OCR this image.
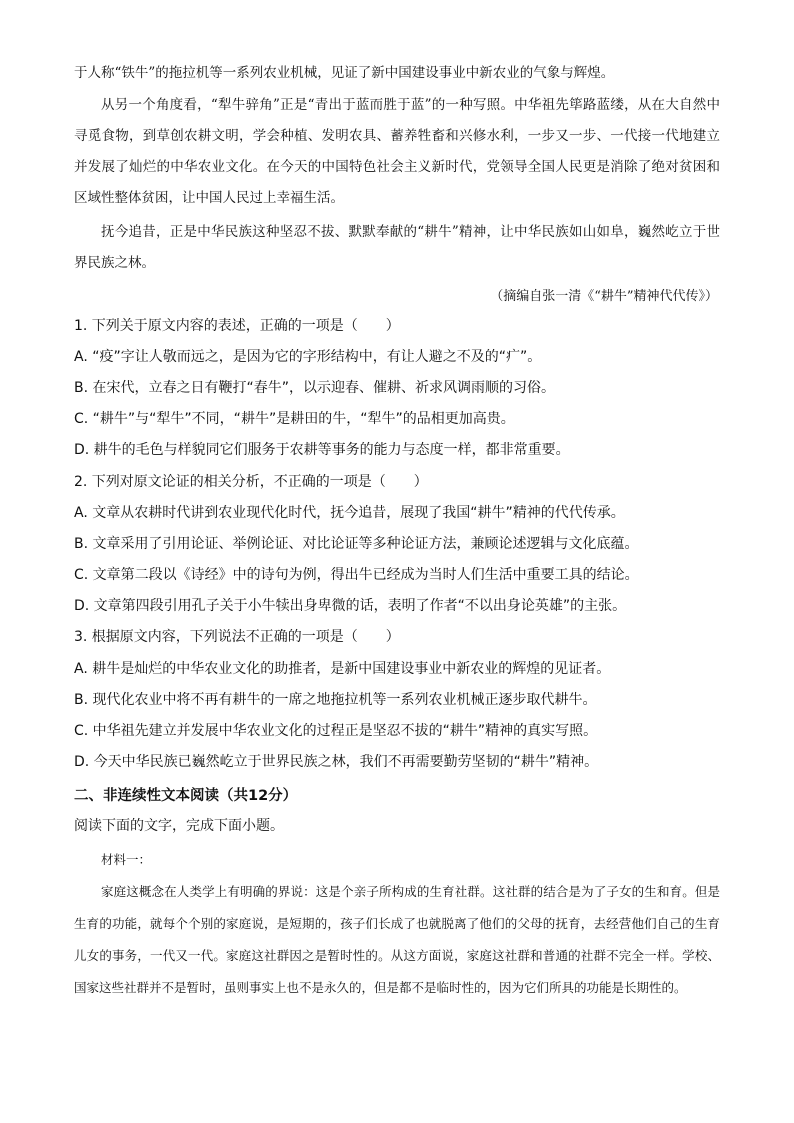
于人称“铁牛”的拖拉机等一系列农业机械，见证了新中国建设事业中新农业的气象与辉煌。

从另一个角度看，“犁牛骍角”正是“青出于蓝而胜于蓝”的一种写照。中华祖先筚路蓝缕，从在大自然中寻觅食物，到草创农耕文明，学会种植、发明农具、蓄养牲畜和兴修水利，一步又一步、一代接一代地建立并发展了灿烂的中华农业文化。在今天的中国特色社会主义新时代，党领导全国人民更是消除了绝对贫困和区域性整体贫困，让中国人民过上幸福生活。

抚今追昔，正是中华民族这种坚忍不拔、默默奉献的“耕牛”精神，让中华民族如山如阜，巍然屹立于世界民族之林。

（摘编自张一清《“耕牛”精神代代传》）

1. 下列关于原文内容的表述，正确的一项是（　　）

A. “疫”字让人敬而远之，是因为它的字形结构中，有让人避之不及的“疒”。

B. 在宋代，立春之日有鞭打“春牛”，以示迎春、催耕、祈求风调雨顺的习俗。

C. “耕牛”与“犁牛”不同，“耕牛”是耕田的牛，“犁牛”的品相更加高贵。

D. 耕牛的毛色与样貌同它们服务于农耕等事务的能力与态度一样，都非常重要。

2. 下列对原文论证的相关分析，不正确的一项是（　　）

A. 文章从农耕时代讲到农业现代化时代，抚今追昔，展现了我国“耕牛”精神的代代传承。

B. 文章采用了引用论证、举例论证、对比论证等多种论证方法，兼顾论述逻辑与文化底蕴。

C. 文章第二段以《诗经》中的诗句为例，得出牛已经成为当时人们生活中重要工具的结论。

D. 文章第四段引用孔子关于小牛犊出身卑微的话，表明了作者“不以出身论英雄”的主张。

3. 根据原文内容，下列说法不正确的一项是（　　）

A. 耕牛是灿烂的中华农业文化的助推者，是新中国建设事业中新农业的辉煌的见证者。

B. 现代化农业中将不再有耕牛的一席之地拖拉机等一系列农业机械正逐步取代耕牛。

C. 中华祖先建立并发展中华农业文化的过程正是坚忍不拔的“耕牛”精神的真实写照。

D. 今天中华民族已巍然屹立于世界民族之林，我们不再需要勤劳坚韧的“耕牛”精神。

二、非连续性文本阅读（共12分）

阅读下面的文字，完成下面小题。

材料一：

家庭这概念在人类学上有明确的界说：这是个亲子所构成的生育社群。这社群的结合是为了子女的生和育。但是生育的功能，就每个个别的家庭说，是短期的，孩子们长成了也就脱离了他们的父母的抚育，去经营他们自己的生育儿女的事务，一代又一代。家庭这社群因之是暂时性的。从这方面说，家庭这社群和普通的社群不完全一样。学校、国家这些社群并不是暂时，虽则事实上也不是永久的，但是都不是临时性的，因为它们所具的功能是长期性的。
